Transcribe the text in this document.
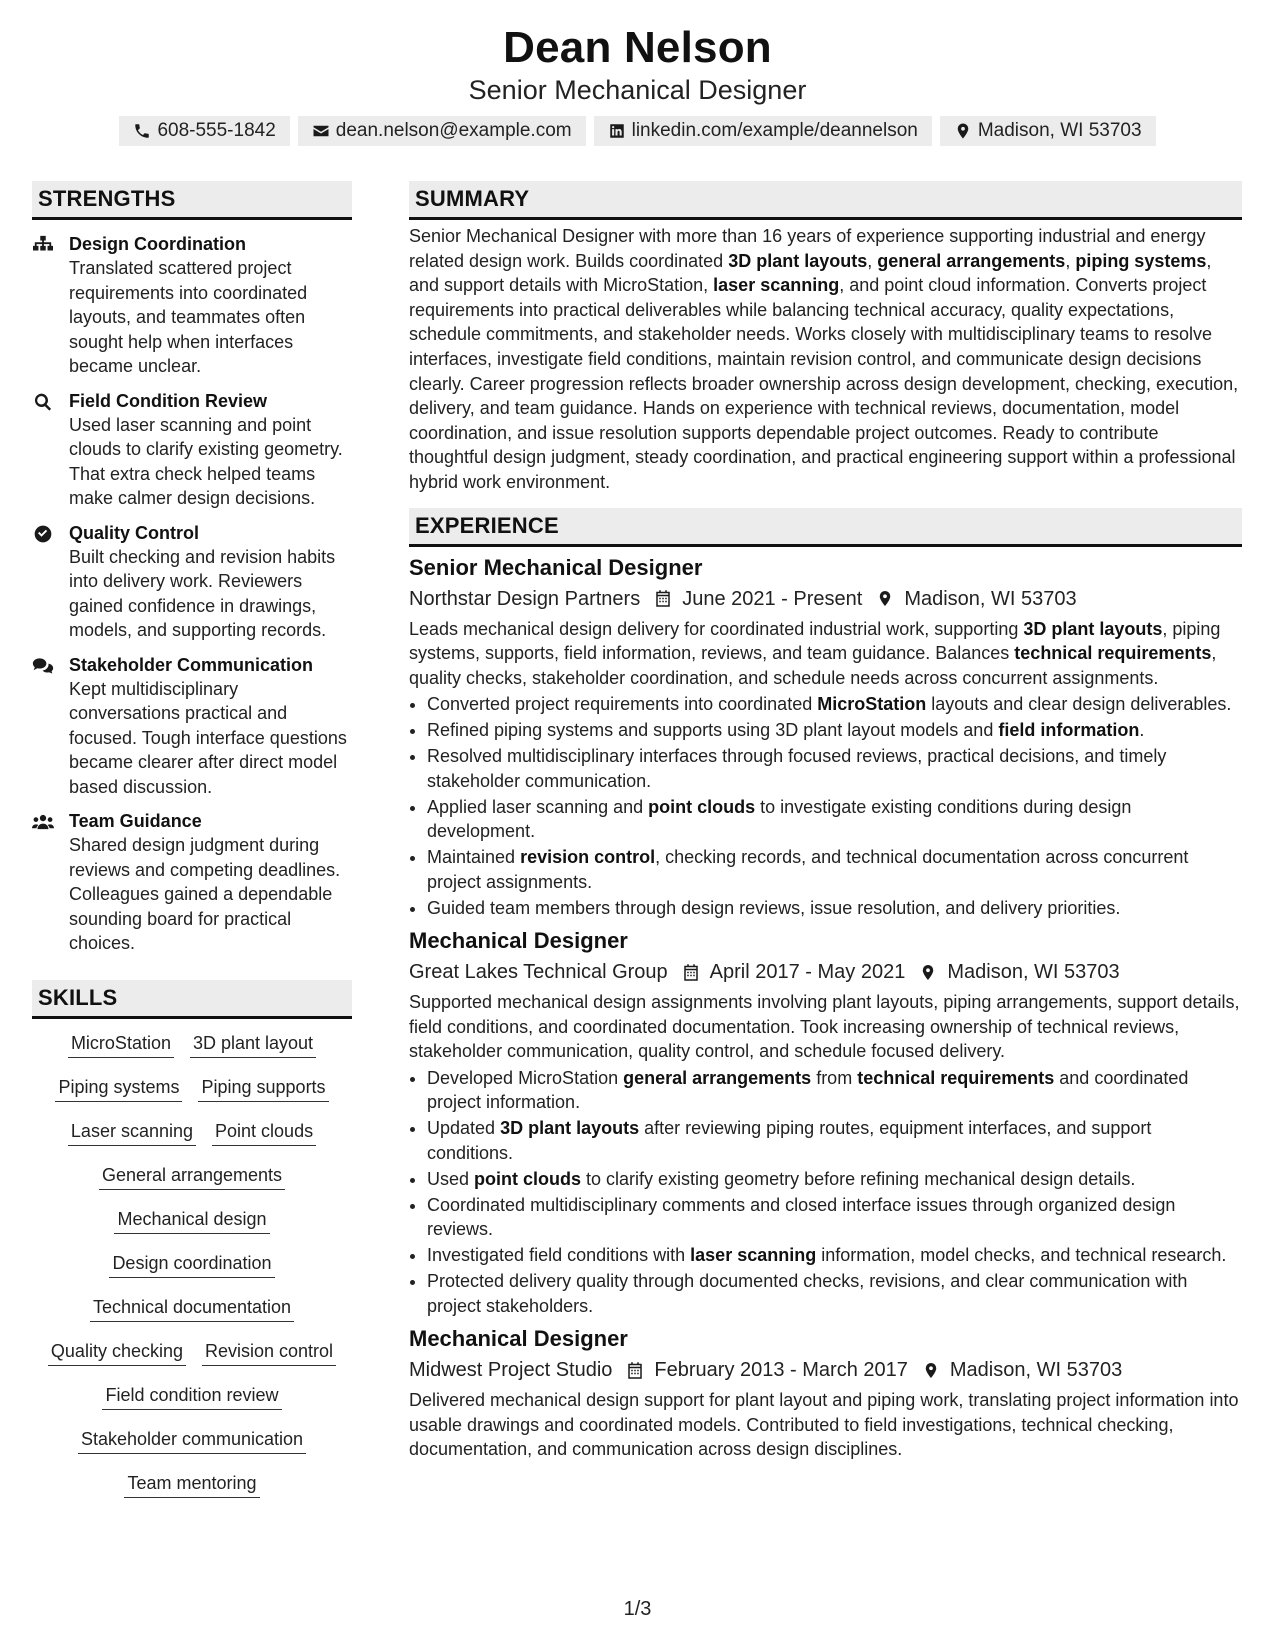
Dean Nelson
Senior Mechanical Designer
608-555-1842	dean.nelson@example.com	linkedin.com/example/deannelson	Madison, WI 53703
STRENGTHS
Design Coordination
Translated scattered project requirements into coordinated layouts, and teammates often sought help when interfaces became unclear.
Field Condition Review
Used laser scanning and point clouds to clarify existing geometry. That extra check helped teams make calmer design decisions.
Quality Control
Built checking and revision habits into delivery work. Reviewers gained confidence in drawings, models, and supporting records.
Stakeholder Communication
Kept multidisciplinary conversations practical and focused. Tough interface questions became clearer after direct model based discussion.
Team Guidance
Shared design judgment during reviews and competing deadlines. Colleagues gained a dependable sounding board for practical choices.
SKILLS
MicroStation 3D plant layout
Piping systems Piping supports
Laser scanning Point clouds
General arrangements
Mechanical design
Design coordination
Technical documentation
Quality checking Revision control
Field condition review
Stakeholder communication
Team mentoring
SUMMARY
Senior Mechanical Designer with more than 16 years of experience supporting industrial and energy related design work. Builds coordinated 3D plant layouts, general arrangements, piping systems, and support details with MicroStation, laser scanning, and point cloud information. Converts project requirements into practical deliverables while balancing technical accuracy, quality expectations, schedule commitments, and stakeholder needs. Works closely with multidisciplinary teams to resolve interfaces, investigate field conditions, maintain revision control, and communicate design decisions clearly. Career progression reflects broader ownership across design development, checking, execution, delivery, and team guidance. Hands on experience with technical reviews, documentation, model coordination, and issue resolution supports dependable project outcomes. Ready to contribute thoughtful design judgment, steady coordination, and practical engineering support within a professional hybrid work environment.
EXPERIENCE
Senior Mechanical Designer
Northstar Design Partners June 2021 - Present Madison, WI 53703
Leads mechanical design delivery for coordinated industrial work, supporting 3D plant layouts, piping systems, supports, field information, reviews, and team guidance. Balances technical requirements, quality checks, stakeholder coordination, and schedule needs across concurrent assignments.
• Converted project requirements into coordinated MicroStation layouts and clear design deliverables.
• Refined piping systems and supports using 3D plant layout models and field information.
• Resolved multidisciplinary interfaces through focused reviews, practical decisions, and timely stakeholder communication.
• Applied laser scanning and point clouds to investigate existing conditions during design development.
• Maintained revision control, checking records, and technical documentation across concurrent project assignments.
• Guided team members through design reviews, issue resolution, and delivery priorities.
Mechanical Designer
Great Lakes Technical Group April 2017 - May 2021 Madison, WI 53703
Supported mechanical design assignments involving plant layouts, piping arrangements, support details, field conditions, and coordinated documentation. Took increasing ownership of technical reviews, stakeholder communication, quality control, and schedule focused delivery.
• Developed MicroStation general arrangements from technical requirements and coordinated project information.
• Updated 3D plant layouts after reviewing piping routes, equipment interfaces, and support conditions.
• Used point clouds to clarify existing geometry before refining mechanical design details.
• Coordinated multidisciplinary comments and closed interface issues through organized design reviews.
• Investigated field conditions with laser scanning information, model checks, and technical research.
• Protected delivery quality through documented checks, revisions, and clear communication with project stakeholders.
Mechanical Designer
Midwest Project Studio February 2013 - March 2017 Madison, WI 53703
Delivered mechanical design support for plant layout and piping work, translating project information into usable drawings and coordinated models. Contributed to field investigations, technical checking, documentation, and communication across design disciplines.
1/3
